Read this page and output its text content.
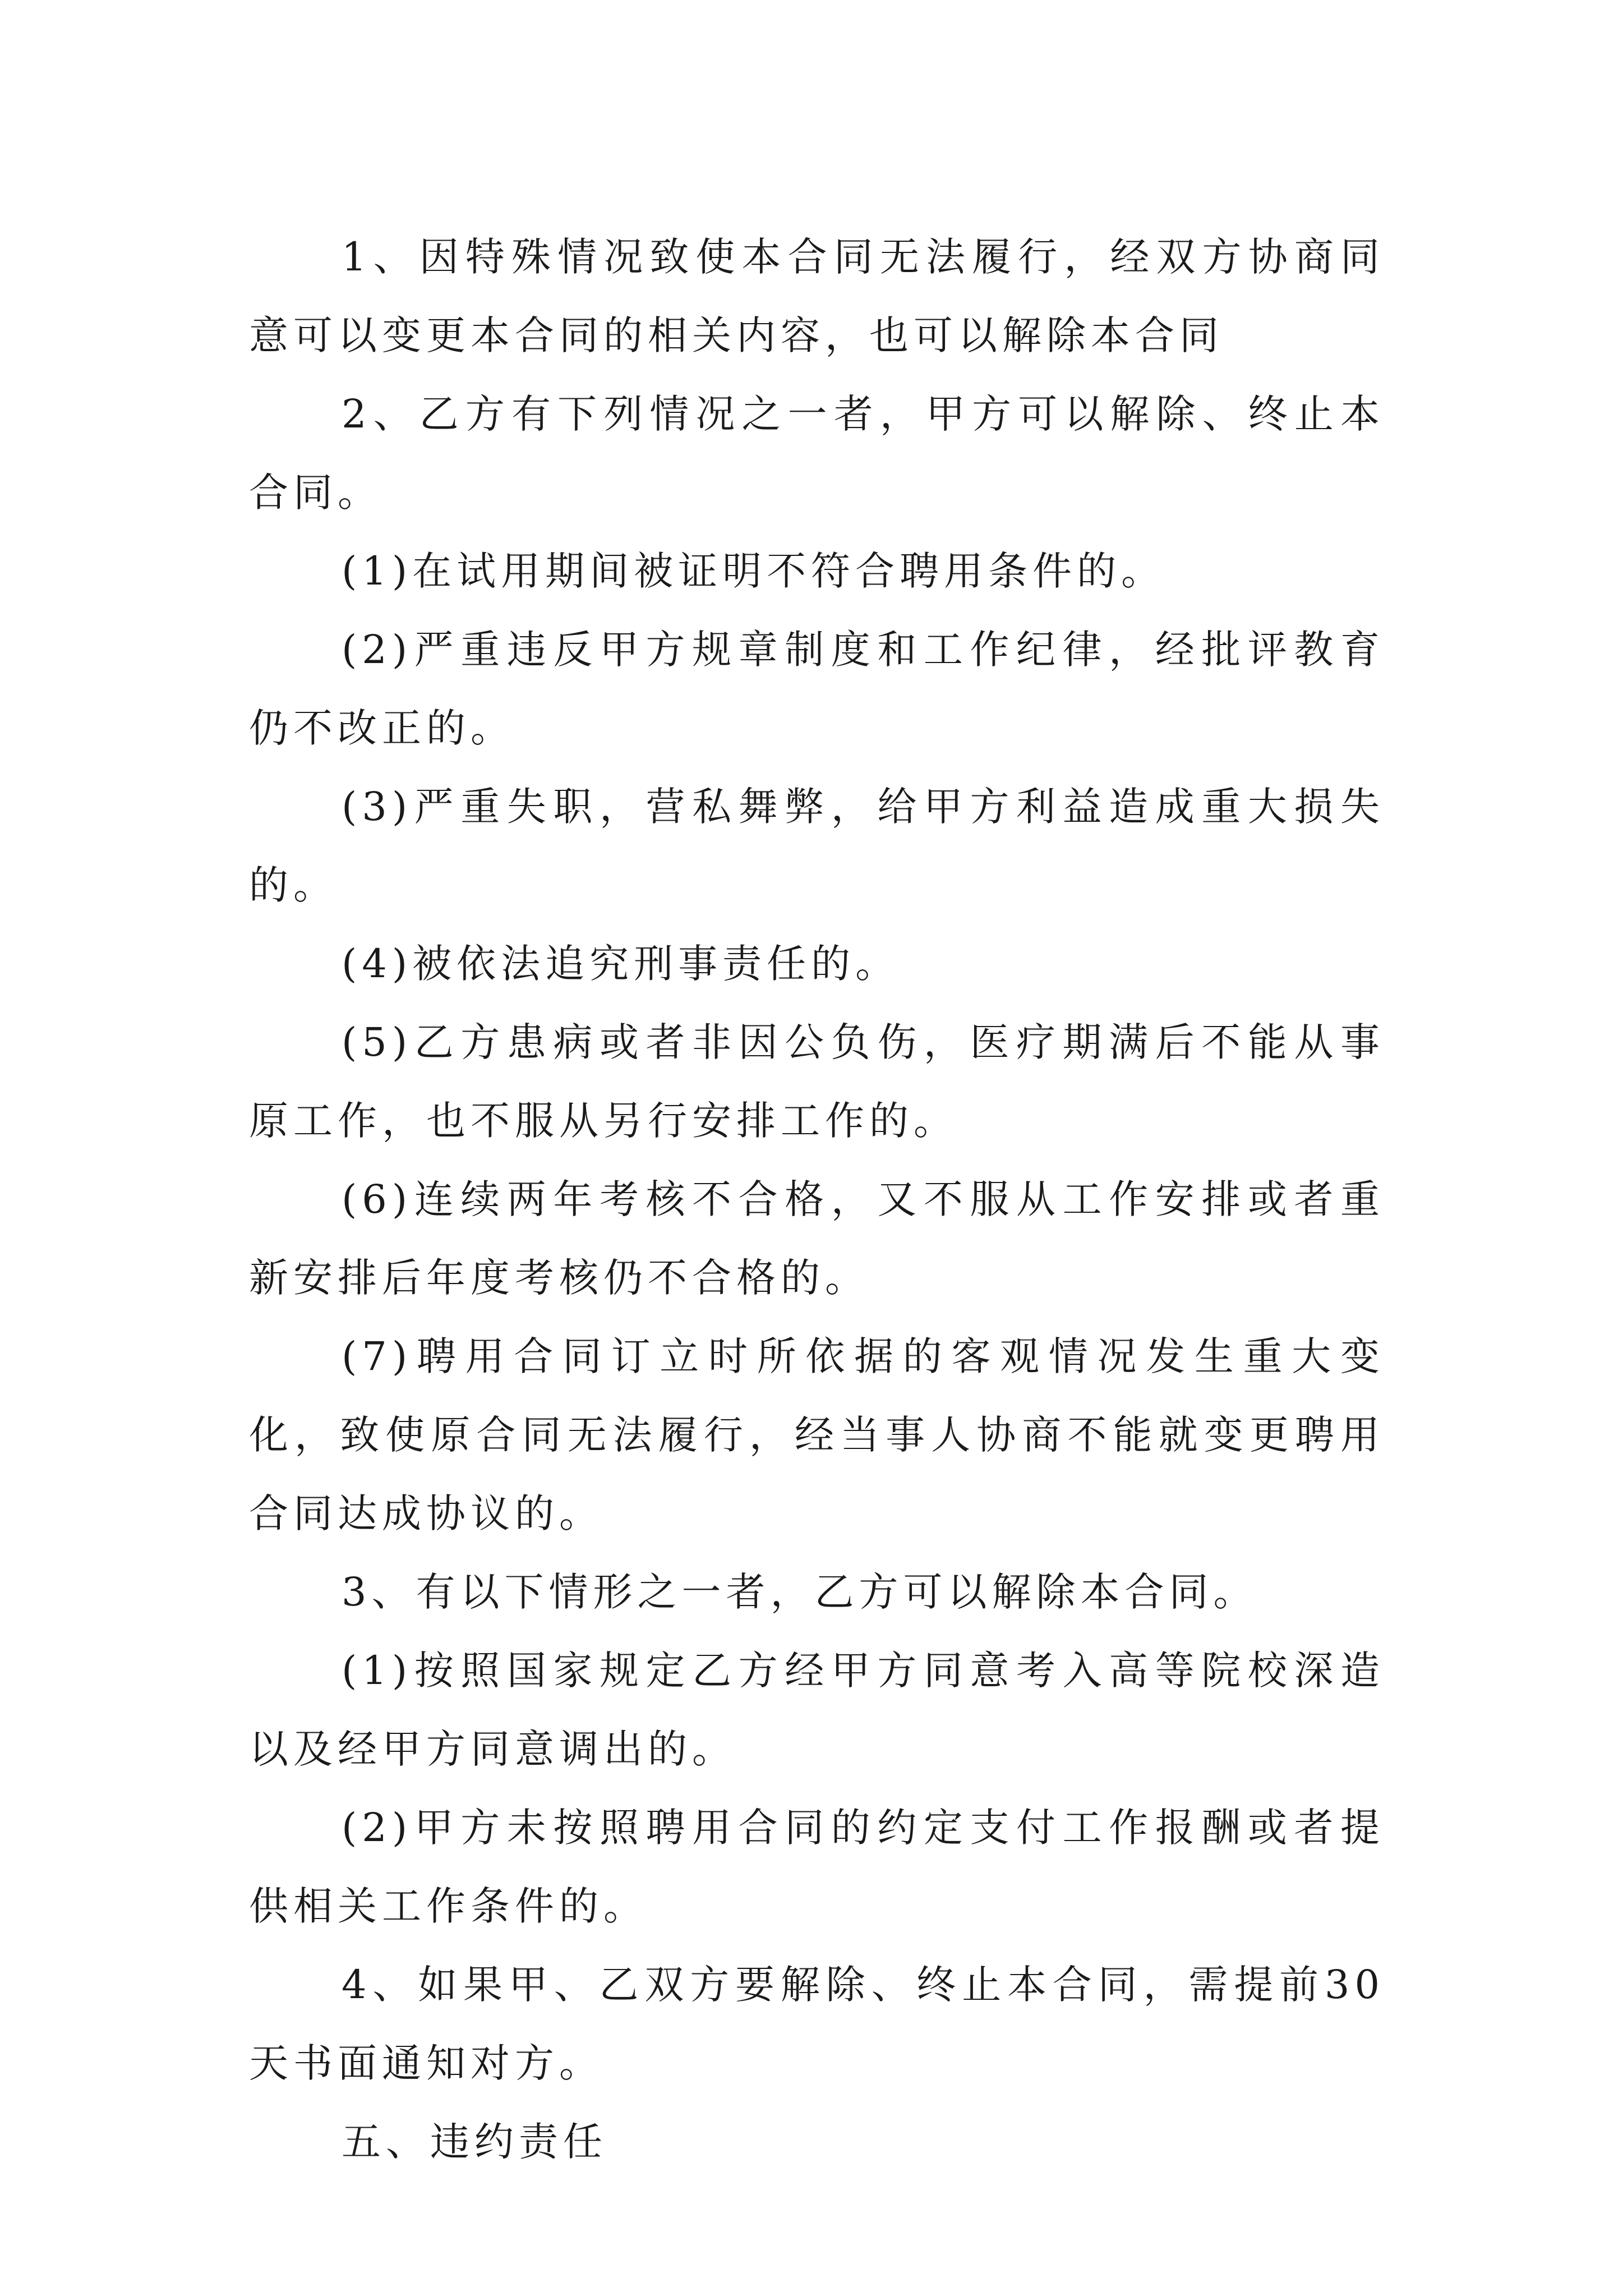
1、因特殊情况致使本合同无法履行，经双方协商同意可以变更本合同的相关内容，也可以解除本合同

2、乙方有下列情况之一者，甲方可以解除、终止本合同。

(1)在试用期间被证明不符合聘用条件的。

(2)严重违反甲方规章制度和工作纪律，经批评教育仍不改正的。

(3)严重失职，营私舞弊，给甲方利益造成重大损失的。

(4)被依法追究刑事责任的。

(5)乙方患病或者非因公负伤，医疗期满后不能从事原工作，也不服从另行安排工作的。

(6)连续两年考核不合格，又不服从工作安排或者重新安排后年度考核仍不合格的。

(7)聘用合同订立时所依据的客观情况发生重大变化，致使原合同无法履行，经当事人协商不能就变更聘用合同达成协议的。

3、有以下情形之一者，乙方可以解除本合同。

(1)按照国家规定乙方经甲方同意考入高等院校深造以及经甲方同意调出的。

(2)甲方未按照聘用合同的约定支付工作报酬或者提供相关工作条件的。

4、如果甲、乙双方要解除、终止本合同，需提前30天书面通知对方。

五、违约责任
